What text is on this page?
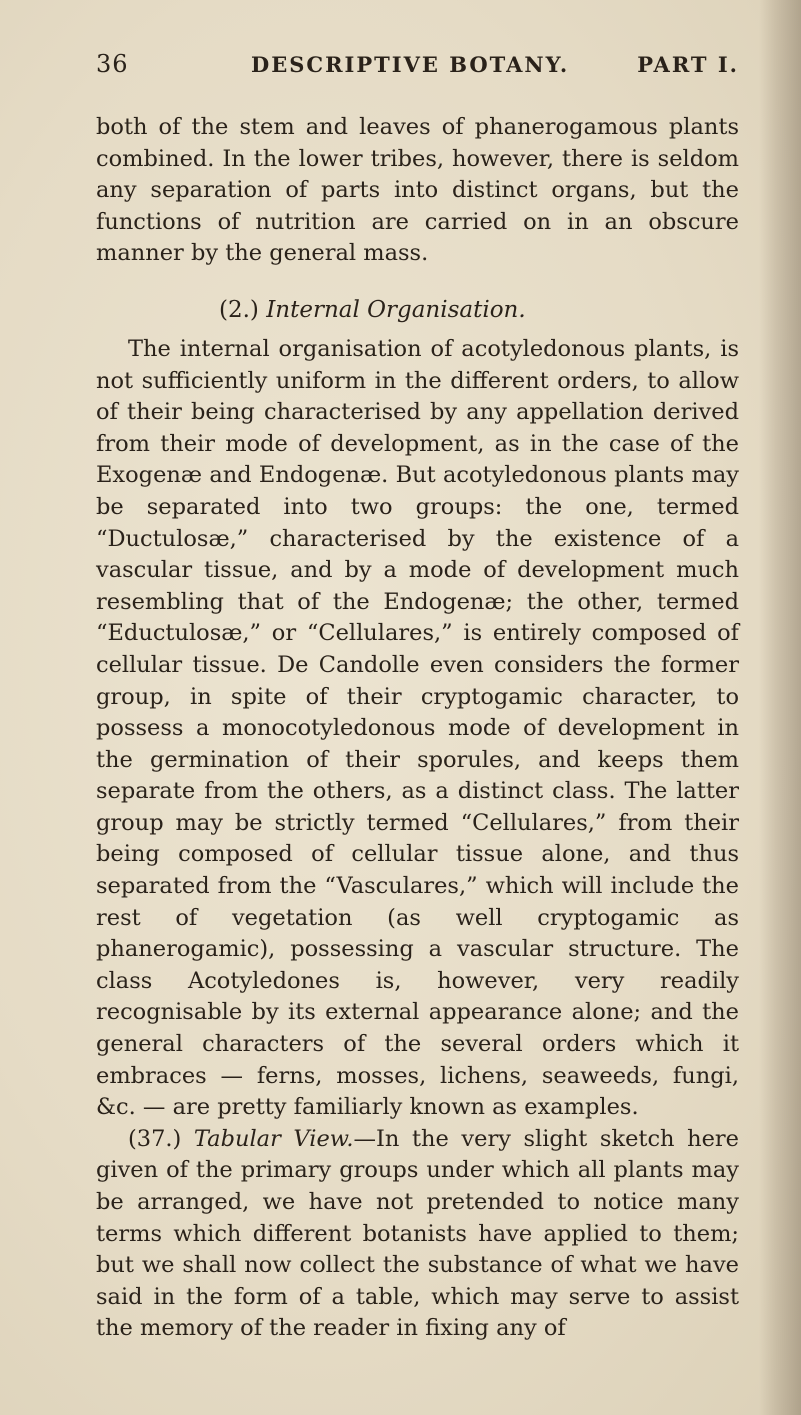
36	DESCRIPTIVE BOTANY.	PART I.

both of the stem and leaves of phanerogamous plants combined. In the lower tribes, however, there is seldom any separation of parts into distinct organs, but the functions of nutrition are carried on in an obscure manner by the general mass.

(2.) Internal Organisation.

The internal organisation of acotyledonous plants, is not sufficiently uniform in the different orders, to allow of their being characterised by any appellation derived from their mode of development, as in the case of the Exogenæ and Endogenæ. But acotyledonous plants may be separated into two groups: the one, termed “Ductulosæ,” characterised by the existence of a vascular tissue, and by a mode of development much resembling that of the Endogenæ; the other, termed “Eductulosæ,” or “Cellulares,” is entirely composed of cellular tissue. De Candolle even considers the former group, in spite of their cryptogamic character, to possess a monocotyledonous mode of development in the germination of their sporules, and keeps them separate from the others, as a distinct class. The latter group may be strictly termed “Cellulares,” from their being composed of cellular tissue alone, and thus separated from the “Vasculares,” which will include the rest of vegetation (as well cryptogamic as phanerogamic), possessing a vascular structure. The class Acotyledones is, however, very readily recognisable by its external appearance alone; and the general characters of the several orders which it embraces — ferns, mosses, lichens, seaweeds, fungi, &c. — are pretty familiarly known as examples.

(37.) Tabular View.—In the very slight sketch here given of the primary groups under which all plants may be arranged, we have not pretended to notice many terms which different botanists have applied to them; but we shall now collect the substance of what we have said in the form of a table, which may serve to assist the memory of the reader in fixing any of
